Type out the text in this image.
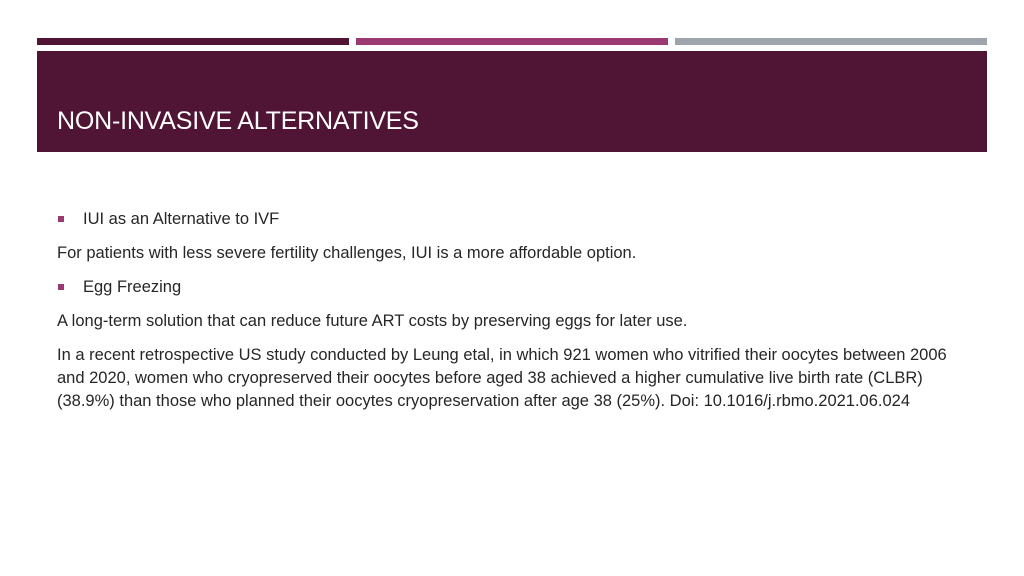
NON-INVASIVE ALTERNATIVES
IUI as an Alternative to IVF

For patients with less severe fertility challenges, IUI is a more affordable option.

Egg Freezing

A long-term solution that can reduce future ART costs by preserving eggs for later use.

In a recent retrospective US study conducted by Leung etal, in which 921 women who vitrified their oocytes between 2006 and 2020, women who cryopreserved their oocytes before aged 38 achieved a higher cumulative live birth rate (CLBR) (38.9%) than those who planned their oocytes cryopreservation after age 38 (25%). Doi: 10.1016/j.rbmo.2021.06.024
